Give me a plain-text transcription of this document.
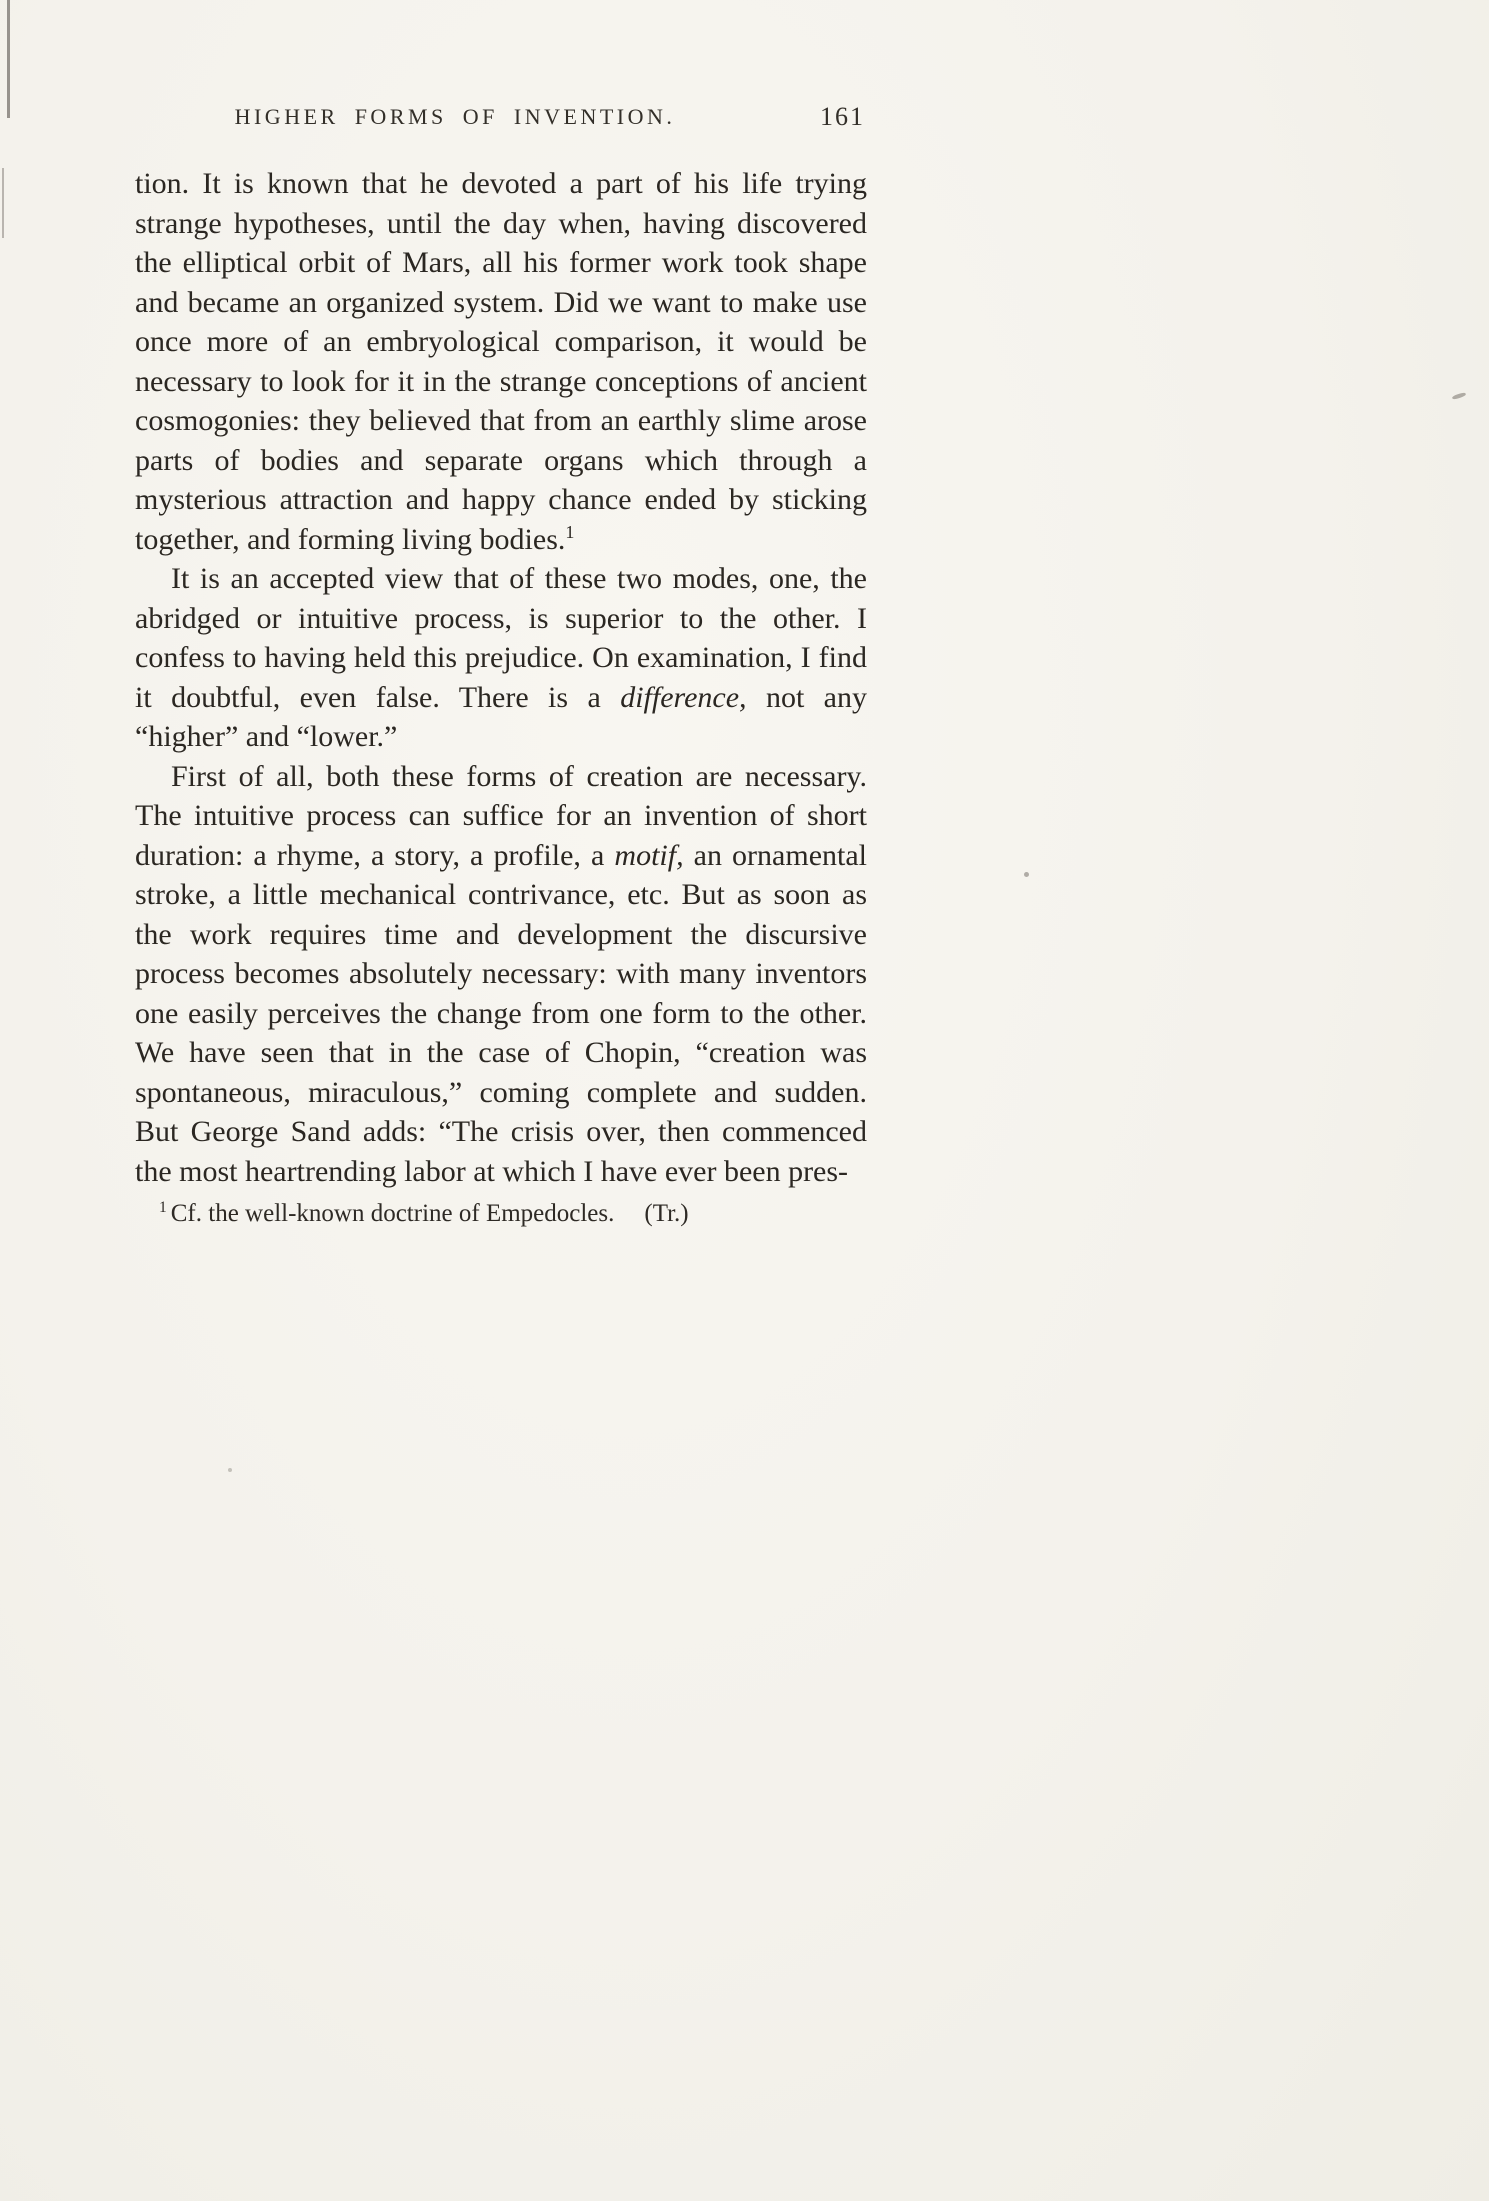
HIGHER FORMS OF INVENTION.	161

tion. It is known that he devoted a part of his life trying strange hypotheses, until the day when, having discovered the elliptical orbit of Mars, all his former work took shape and became an organized system. Did we want to make use once more of an embryological comparison, it would be necessary to look for it in the strange conceptions of ancient cosmogonies: they believed that from an earthly slime arose parts of bodies and separate organs which through a mysterious attraction and happy chance ended by sticking together, and forming living bodies.$^1$

It is an accepted view that of these two modes, one, the abridged or intuitive process, is superior to the other. I confess to having held this prejudice. On examination, I find it doubtful, even false. There is a difference, not any “higher” and “lower.”

First of all, both these forms of creation are necessary. The intuitive process can suffice for an invention of short duration: a rhyme, a story, a profile, a motif, an ornamental stroke, a little mechanical contrivance, etc. But as soon as the work requires time and development the discursive process becomes absolutely necessary: with many inventors one easily perceives the change from one form to the other. We have seen that in the case of Chopin, “creation was spontaneous, miraculous,” coming complete and sudden. But George Sand adds: “The crisis over, then commenced the most heartrending labor at which I have ever been pres-

$^1$ Cf. the well-known doctrine of Empedocles. (Tr.)
